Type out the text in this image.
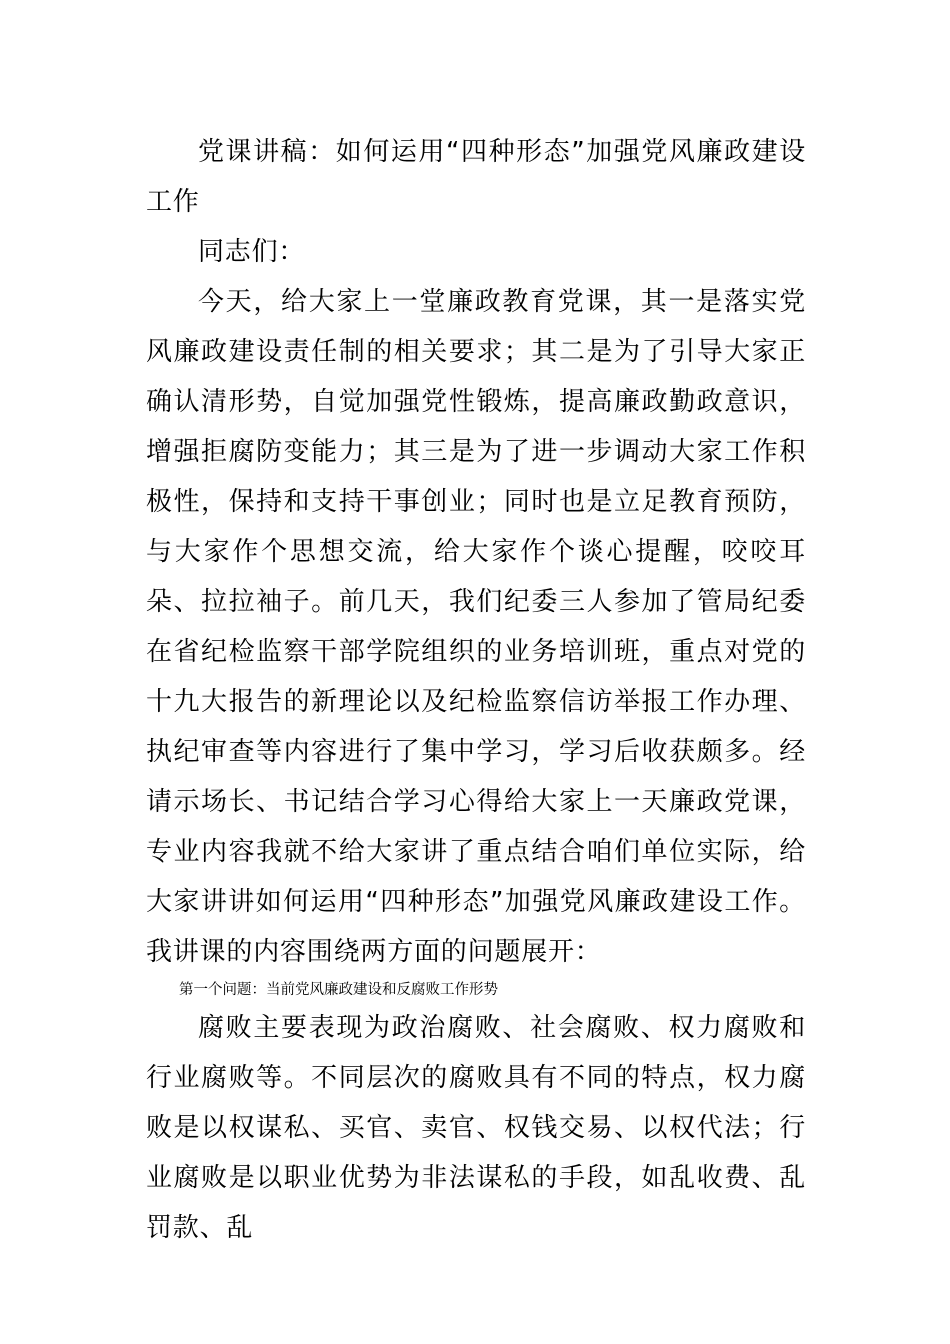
党课讲稿：如何运用“四种形态”加强党风廉政建设工作

同志们：

今天，给大家上一堂廉政教育党课，其一是落实党风廉政建设责任制的相关要求；其二是为了引导大家正确认清形势，自觉加强党性锻炼，提高廉政勤政意识，增强拒腐防变能力；其三是为了进一步调动大家工作积极性，保持和支持干事创业；同时也是立足教育预防，与大家作个思想交流，给大家作个谈心提醒，咬咬耳朵、拉拉袖子。前几天，我们纪委三人参加了管局纪委在省纪检监察干部学院组织的业务培训班，重点对党的十九大报告的新理论以及纪检监察信访举报工作办理、执纪审查等内容进行了集中学习，学习后收获颇多。经请示场长、书记结合学习心得给大家上一天廉政党课，专业内容我就不给大家讲了重点结合咱们单位实际，给大家讲讲如何运用“四种形态”加强党风廉政建设工作。我讲课的内容围绕两方面的问题展开：

第一个问题：当前党风廉政建设和反腐败工作形势

腐败主要表现为政治腐败、社会腐败、权力腐败和行业腐败等。不同层次的腐败具有不同的特点，权力腐败是以权谋私、买官、卖官、权钱交易、以权代法；行业腐败是以职业优势为非法谋私的手段，如乱收费、乱罚款、乱
